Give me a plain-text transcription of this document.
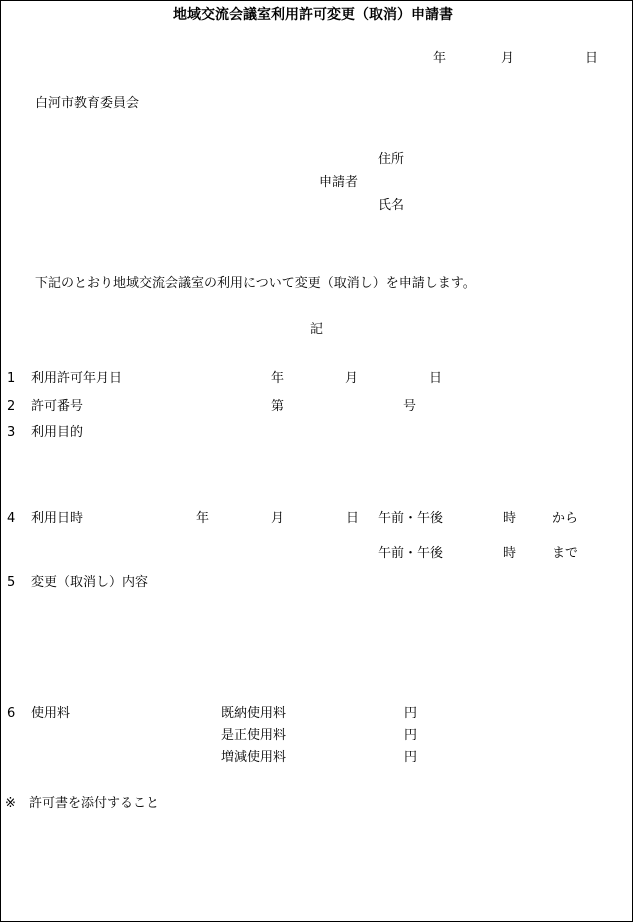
地域交流会議室利用許可変更（取消）申請書
年	月	日
白河市教育委員会
住所
申請者
氏名
下記のとおり地域交流会議室の利用について変更（取消し）を申請します。
記
1 利用許可年月日	年	月	日
2 許可番号	第	号
3 利用目的
4 利用日時	年	月	日 午前・午後	時	から
午前・午後	時	まで
5 変更（取消し）内容
6 使用料	既納使用料	円
是正使用料	円
増減使用料	円
※ 許可書を添付すること
